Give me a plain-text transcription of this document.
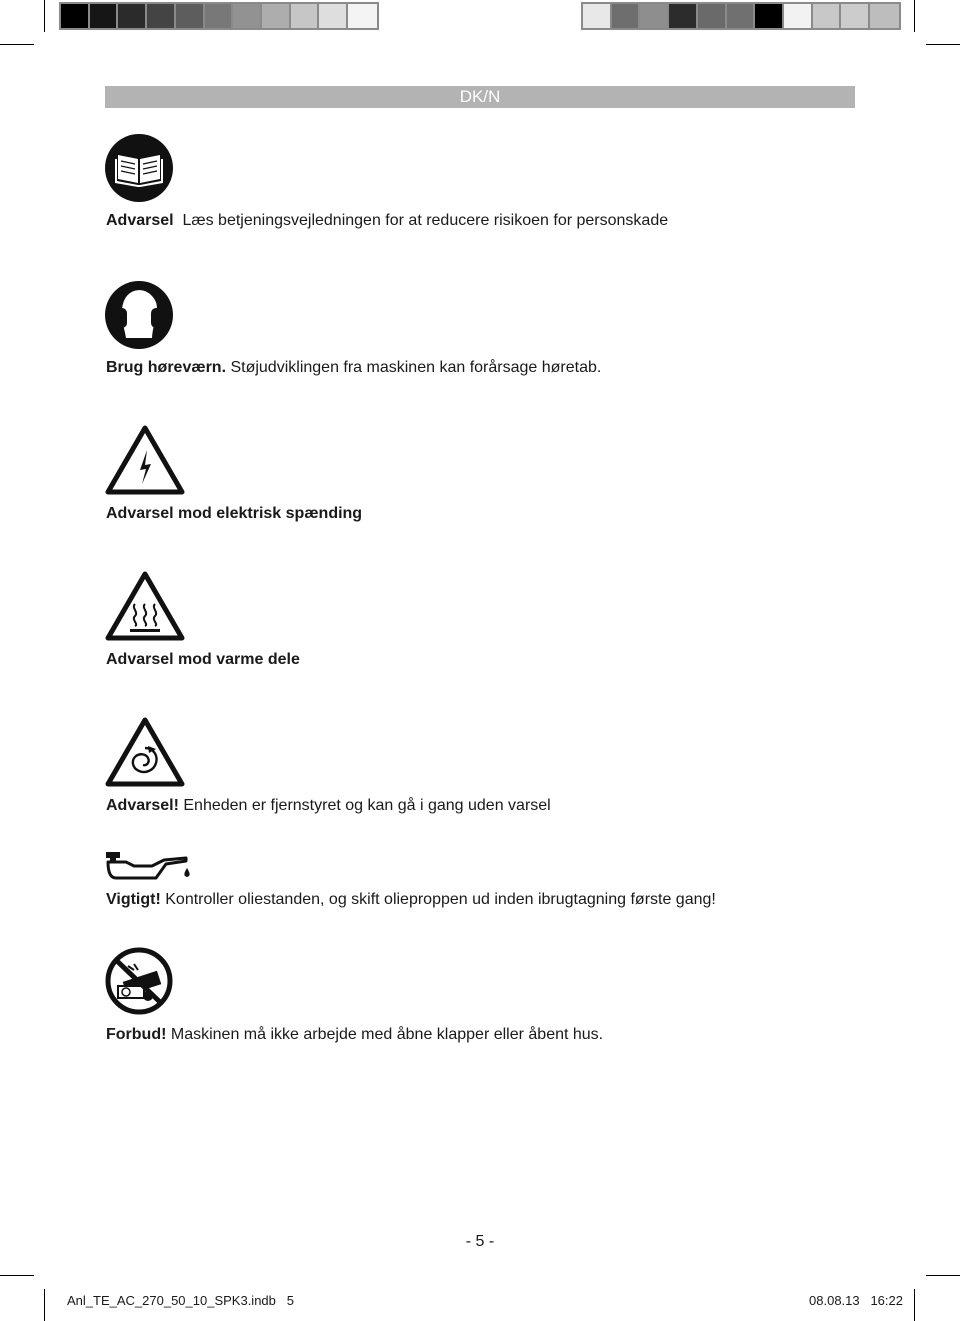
DK/N
Advarsel  Læs betjeningsvejledningen for at reducere risikoen for personskade
Brug høreværn. Støjudviklingen fra maskinen kan forårsage høretab.
Advarsel mod elektrisk spænding
Advarsel mod varme dele
Advarsel! Enheden er fjernstyret og kan gå i gang uden varsel
Vigtigt! Kontroller oliestanden, og skift olieproppen ud inden ibrugtagning første gang!
Forbud! Maskinen må ikke arbejde med åbne klapper eller åbent hus.
- 5 -
Anl_TE_AC_270_50_10_SPK3.indb   5	08.08.13   16:22
